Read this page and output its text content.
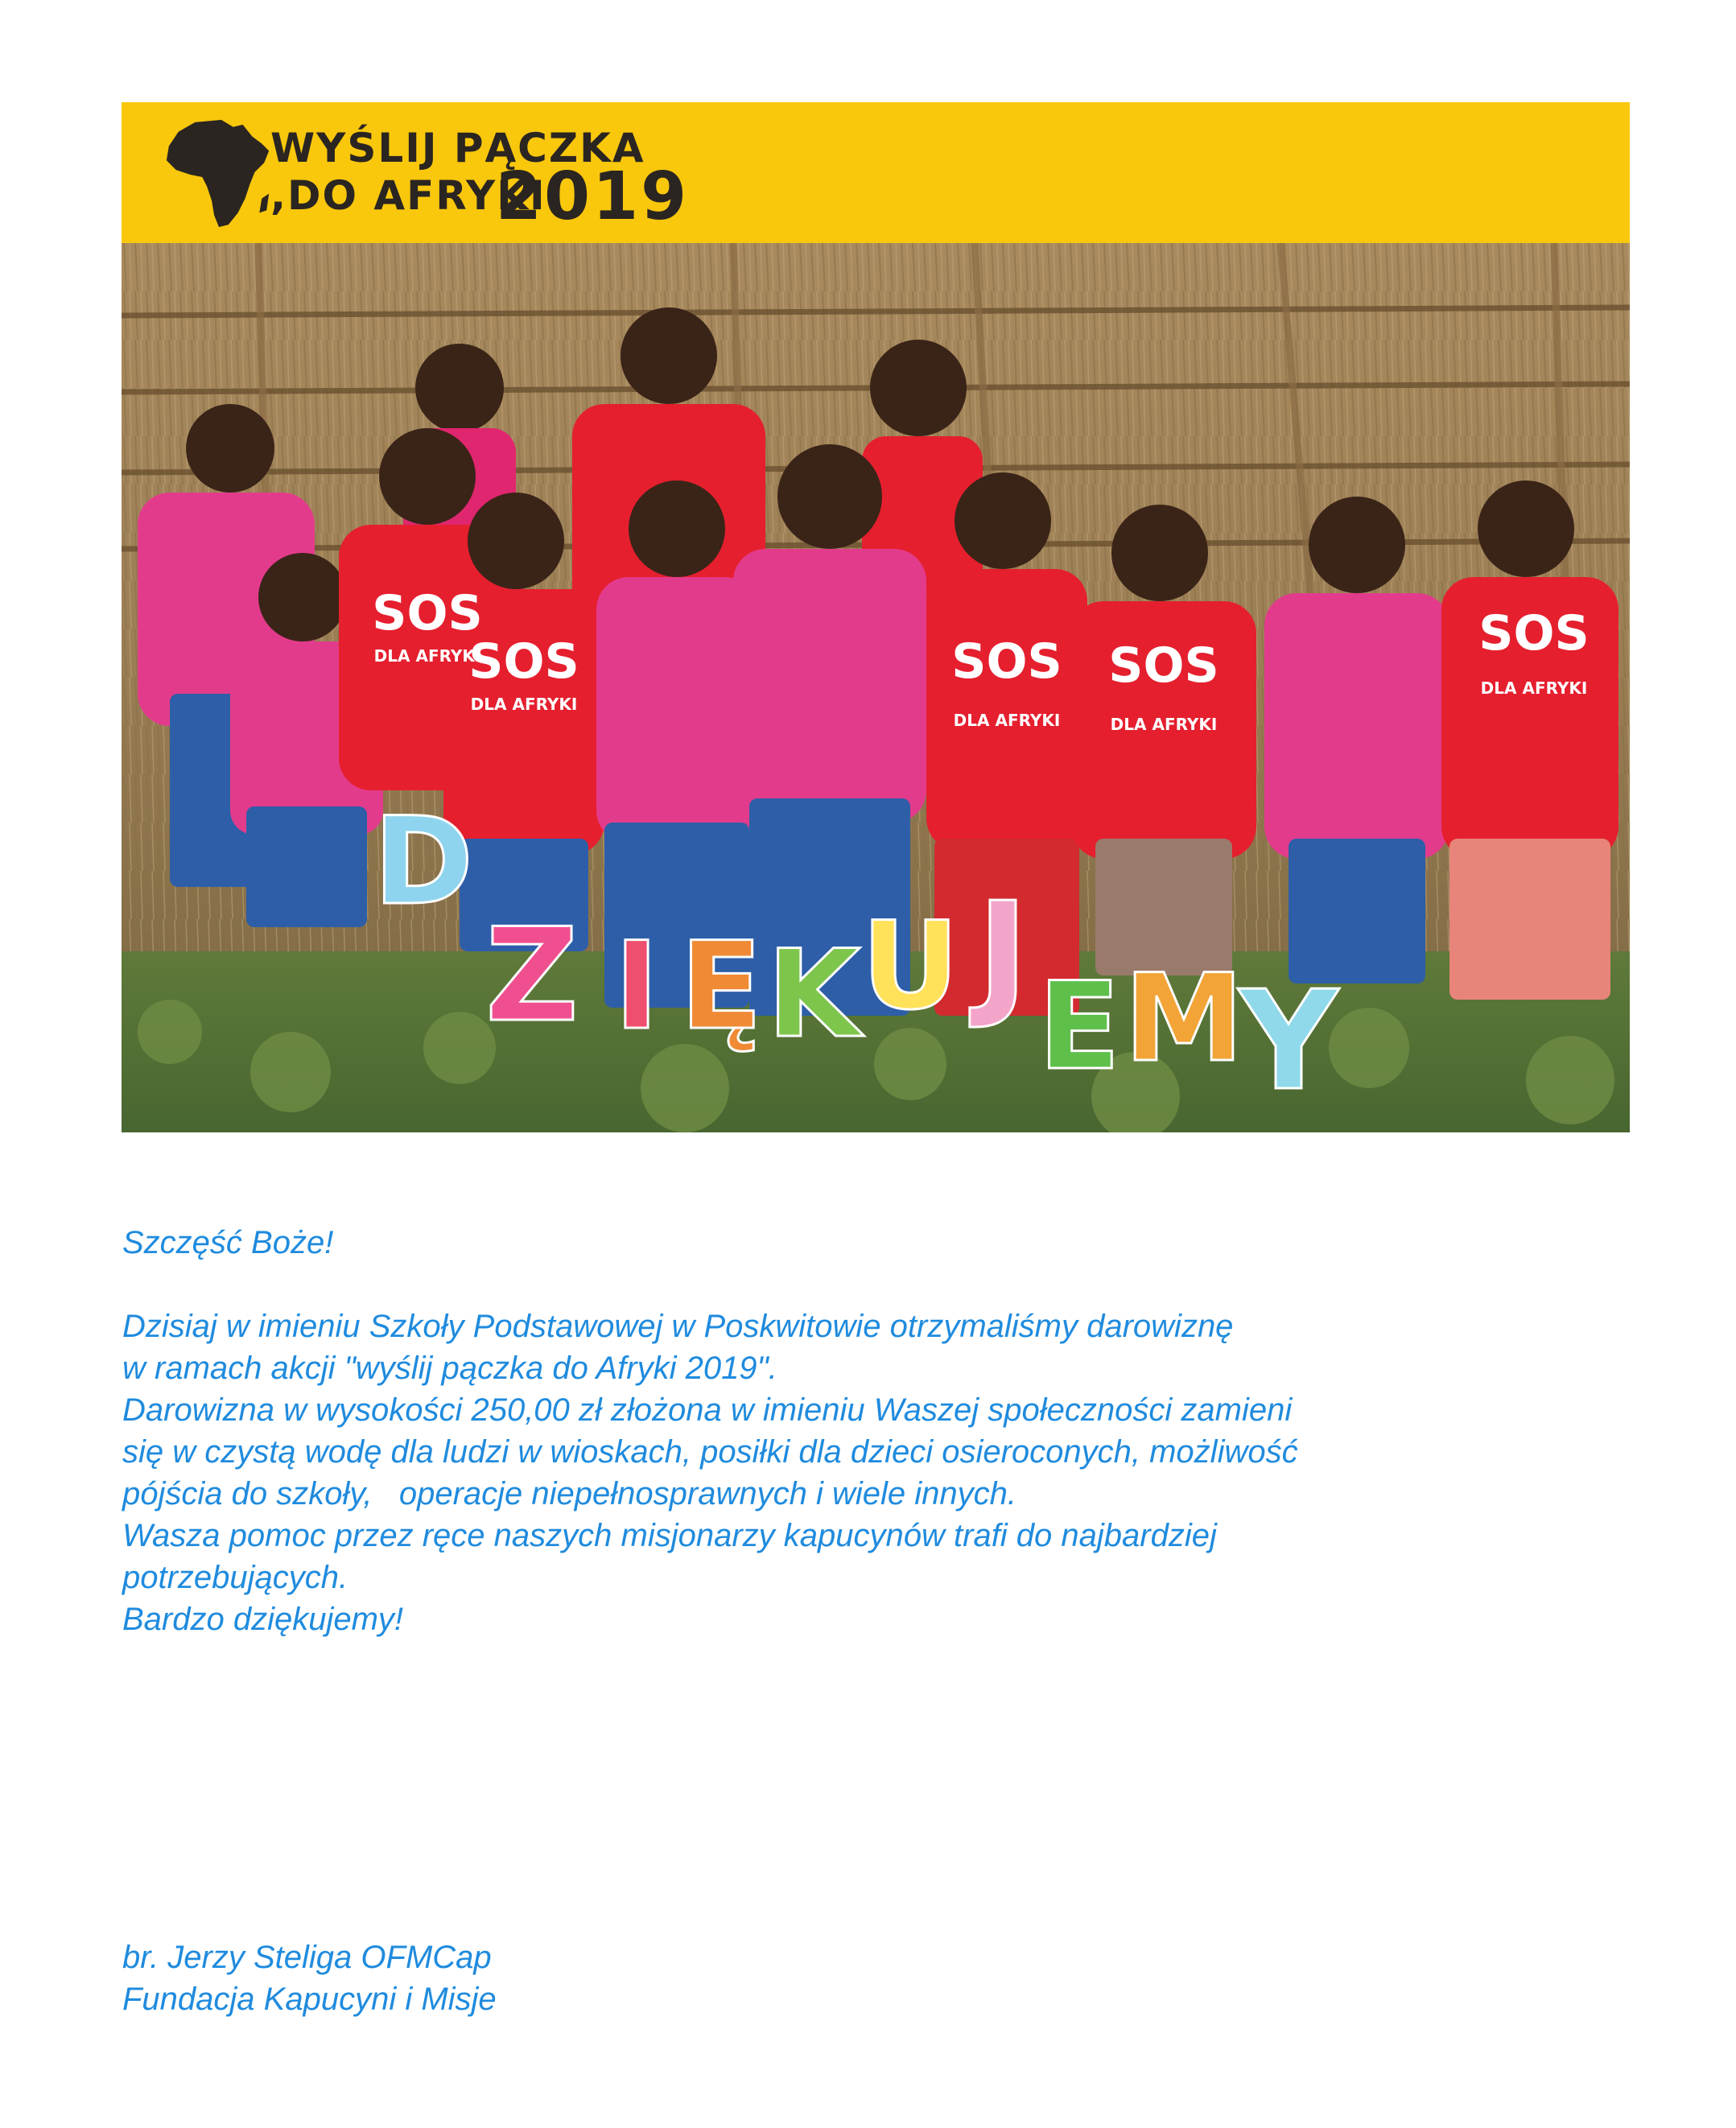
WYŚLIJ PĄCZKA
,DO AFRYKI
2019
SOS
SOS	SOS SOS
SOS
DLA AFRYKI
DLA AFRYKI
DLA AFRYKI	DLA AFRYKI
DLA AFRYKI
D
Z I Ę K U J E M
Y

Szczęść Boże!

Dzisiaj w imieniu Szkoły Podstawowej w Poskwitowie otrzymaliśmy darowiznę

w ramach akcji "wyślij pączka do Afryki 2019".

Darowizna w wysokości 250,00 zł złożona w imieniu Waszej społeczności zamieni

się w czystą wodę dla ludzi w wioskach, posiłki dla dzieci osieroconych, możliwość

pójścia do szkoły,   operacje niepełnosprawnych i wiele innych.

Wasza pomoc przez ręce naszych misjonarzy kapucynów trafi do najbardziej

potrzebujących.

Bardzo dziękujemy!

br. Jerzy Steliga OFMCap

Fundacja Kapucyni i Misje
